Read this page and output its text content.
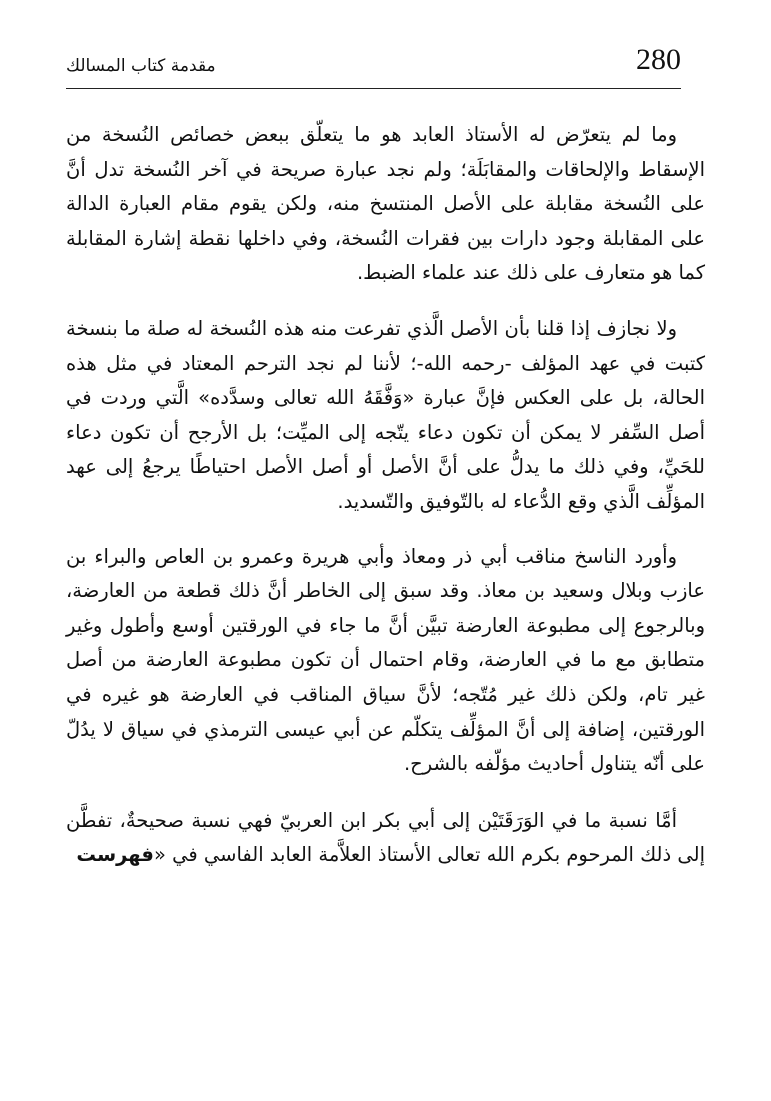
280
مقدمة كتاب المسالك

وما لم يتعرّض له الأستاذ العابد هو ما يتعلّق ببعض خصائص النُسخة من الإسقاط والإلحاقات والمقابَلَة؛ ولم نجد عبارة صريحة في آخر النُسخة تدل أنَّ على النُسخة مقابلة على الأصل المنتسخ منه، ولكن يقوم مقام العبارة الدالة على المقابلة وجود دارات بين فقرات النُسخة، وفي داخلها نقطة إشارة المقابلة كما هو متعارف على ذلك عند علماء الضبط.

ولا نجازف إذا قلنا بأن الأصل الَّذي تفرعت منه هذه النُسخة له صلة ما بنسخة كتبت في عهد المؤلف -رحمه الله-؛ لأننا لم نجد الترحم المعتاد في مثل هذه الحالة، بل على العكس فإنَّ عبارة «وَفَّقَهُ الله تعالى وسدَّده» الَّتي وردت في أصل السِّفر لا يمكن أن تكون دعاء يتّجه إلى الميِّت؛ بل الأرجح أن تكون دعاء للحَيِّ، وفي ذلك ما يدلُّ على أنَّ الأصل أو أصل الأصل احتياطًا يرجعُ إلى عهد المؤلِّف الَّذي وقع الدُّعاء له بالتّوفيق والتّسديد.

وأورد الناسخ مناقب أبي ذر ومعاذ وأبي هريرة وعمرو بن العاص والبراء بن عازب وبلال وسعيد بن معاذ. وقد سبق إلى الخاطر أنَّ ذلك قطعة من العارضة، وبالرجوع إلى مطبوعة العارضة تبيَّن أنَّ ما جاء في الورقتين أوسع وأطول وغير متطابق مع ما في العارضة، وقام احتمال أن تكون مطبوعة العارضة من أصل غير تام، ولكن ذلك غير مُتّجه؛ لأنَّ سياق المناقب في العارضة هو غيره في الورقتين، إضافة إلى أنَّ المؤلِّف يتكلّم عن أبي عيسى الترمذي في سياق لا يدُلّ على أنّه يتناول أحاديث مؤلّفه بالشرح.

أمَّا نسبة ما في الوَرَقَتَيْن إلى أبي بكر ابن العربيّ فهي نسبة صحيحةٌ، تفطَّن إلى ذلك المرحوم بكرم الله تعالى الأستاذ العلاَّمة العابد الفاسي في «فهرست
